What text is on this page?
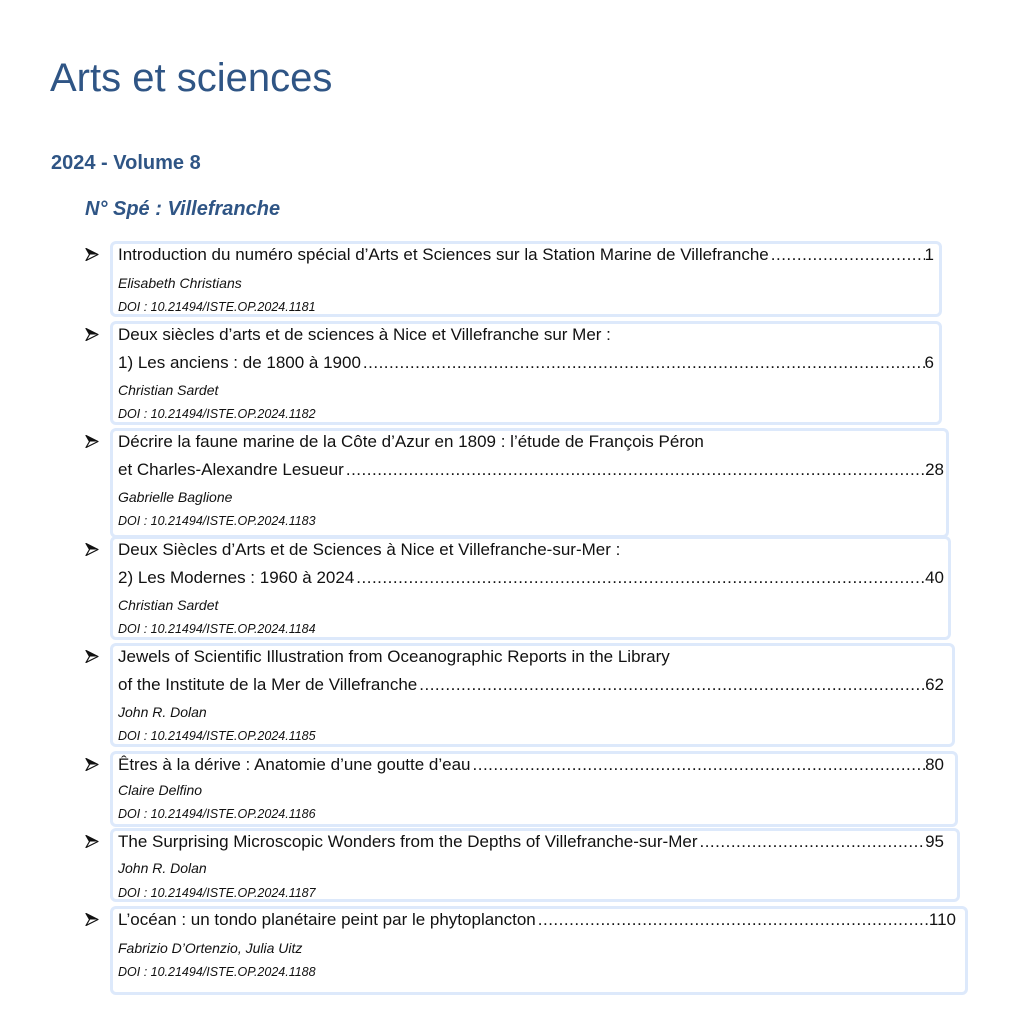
Arts et sciences
2024 - Volume 8
N° Spé : Villefranche
Introduction du numéro spécial d’Arts et Sciences sur la Station Marine de Villefranche .....	1
Elisabeth Christians
DOI : 10.21494/ISTE.OP.2024.1181
Deux siècles d’arts et de sciences à Nice et Villefranche sur Mer :
1) Les anciens : de 1800 à 1900 .....	6
Christian Sardet
DOI : 10.21494/ISTE.OP.2024.1182
Décrire la faune marine de la Côte d’Azur en 1809 : l’étude de François Péron
et Charles-Alexandre Lesueur .....	28
Gabrielle Baglione
DOI : 10.21494/ISTE.OP.2024.1183
Deux Siècles d’Arts et de Sciences à Nice et Villefranche-sur-Mer :
2) Les Modernes : 1960 à 2024 .....	40
Christian Sardet
DOI : 10.21494/ISTE.OP.2024.1184
Jewels of Scientific Illustration from Oceanographic Reports in the Library
of the Institute de la Mer de Villefranche .....	62
John R. Dolan
DOI : 10.21494/ISTE.OP.2024.1185
Êtres à la dérive : Anatomie d’une goutte d’eau .....	80
Claire Delfino
DOI : 10.21494/ISTE.OP.2024.1186
The Surprising Microscopic Wonders from the Depths of Villefranche-sur-Mer .....	95
John R. Dolan
DOI : 10.21494/ISTE.OP.2024.1187
L’océan : un tondo planétaire peint par le phytoplancton .....	110
Fabrizio D’Ortenzio, Julia Uitz
DOI : 10.21494/ISTE.OP.2024.1188
